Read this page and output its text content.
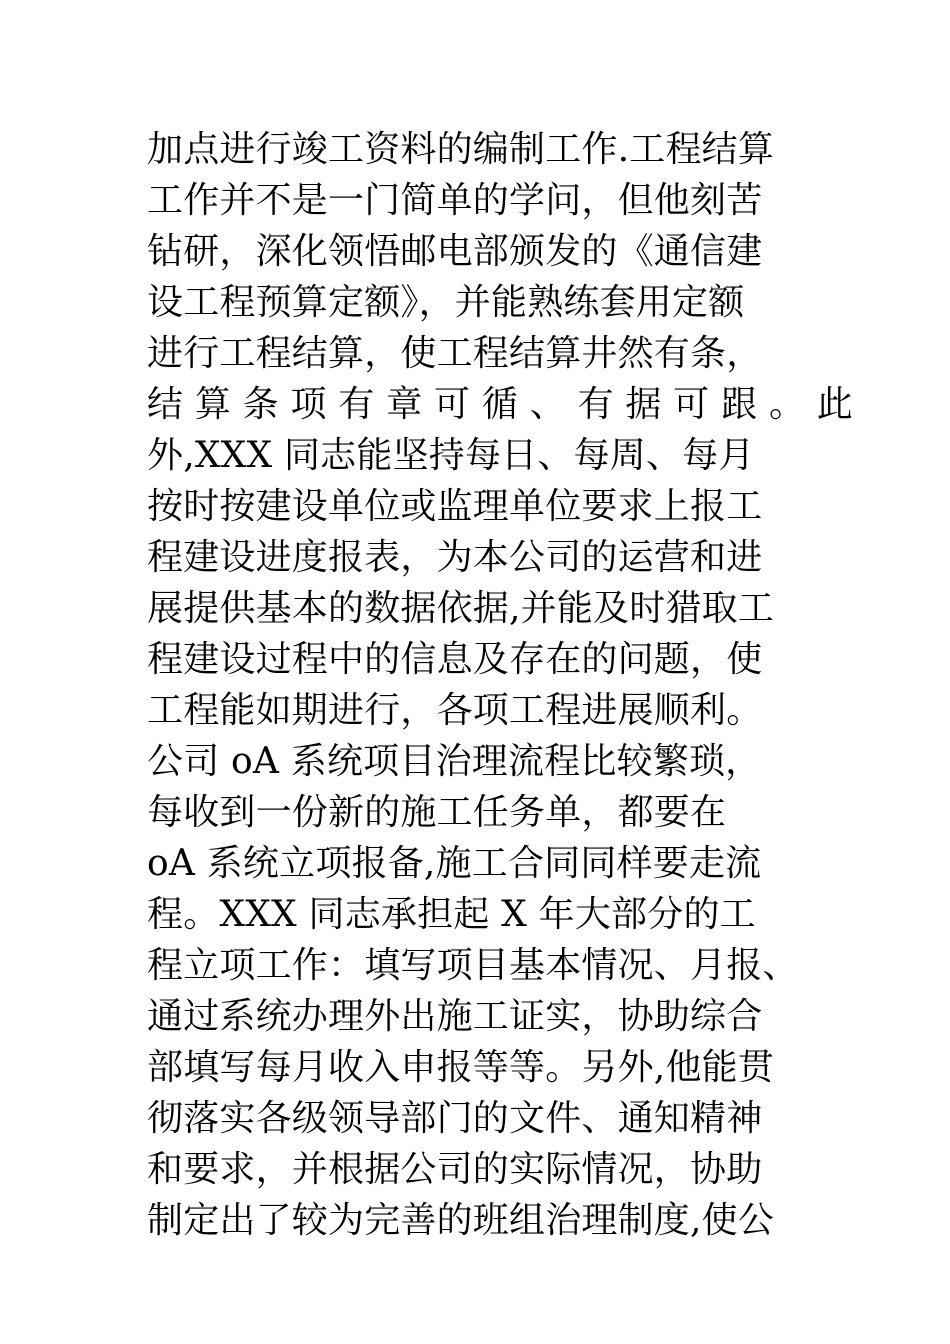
加点进行竣工资料的编制工作.工程结算
工作并不是一门简单的学问，但他刻苦
钻研，深化领悟邮电部颁发的《通信建
设工程预算定额》，并能熟练套用定额
进行工程结算，使工程结算井然有条，
结 算 条 项 有 章 可 循 、 有 据 可 跟 。 此
外,XXX 同志能坚持每日、每周、每月
按时按建设单位或监理单位要求上报工
程建设进度报表，为本公司的运营和进
展提供基本的数据依据,并能及时猎取工
程建设过程中的信息及存在的问题，使
工程能如期进行，各项工程进展顺利。
公司 oA 系统项目治理流程比较繁琐，
每收到一份新的施工任务单，都要在
oA 系统立项报备,施工合同同样要走流
程。XXX 同志承担起 X 年大部分的工
程立项工作：填写项目基本情况、月报、
通过系统办理外出施工证实，协助综合
部填写每月收入申报等等。另外,他能贯
彻落实各级领导部门的文件、通知精神
和要求，并根据公司的实际情况，协助
制定出了较为完善的班组治理制度,使公
